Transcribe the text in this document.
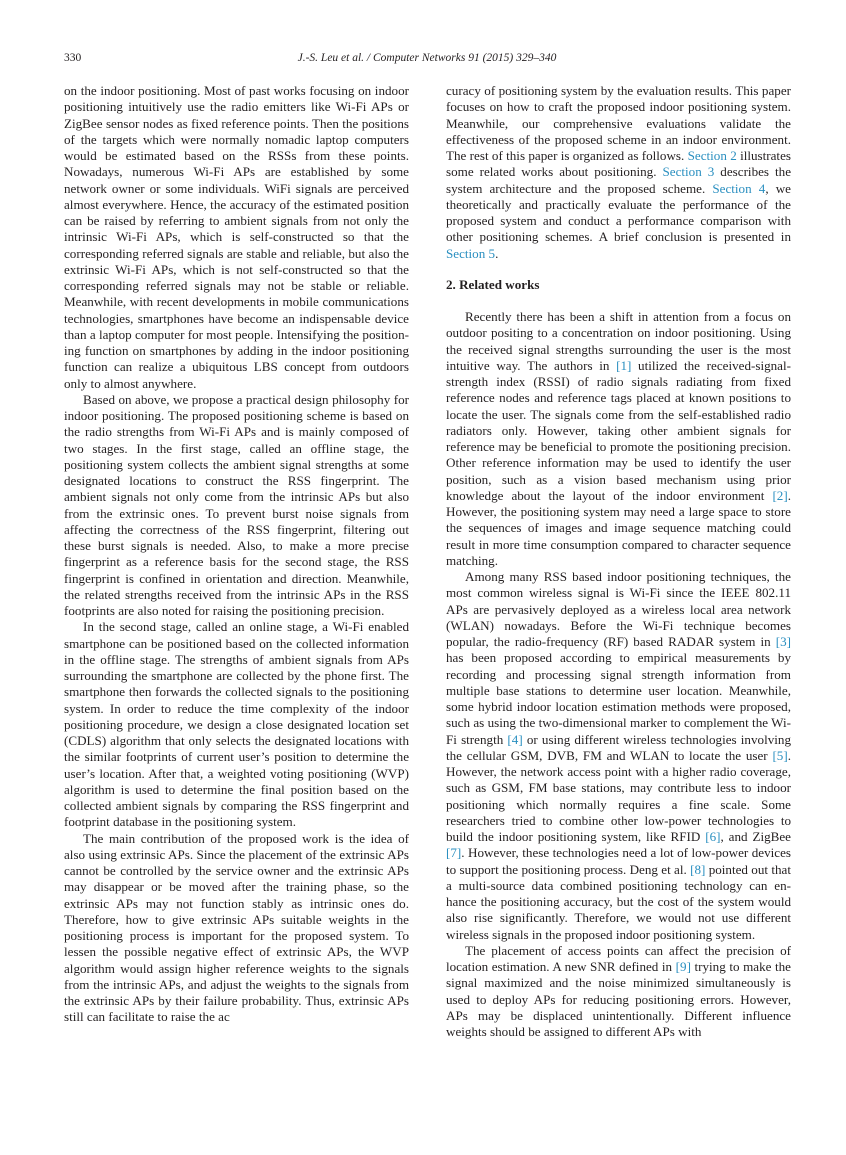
330	J.-S. Leu et al. / Computer Networks 91 (2015) 329–340

on the indoor positioning. Most of past works focusing on indoor positioning intuitively use the radio emitters like Wi-Fi APs or ZigBee sensor nodes as fixed reference points. Then the positions of the targets which were normally nomadic laptop computers would be estimated based on the RSSs from these points. Nowadays, numerous Wi-Fi APs are established by some network owner or some individuals. WiFi signals are perceived almost everywhere. Hence, the accuracy of the estimated position can be raised by referring to ambient signals from not only the intrinsic Wi-Fi APs, which is self-constructed so that the corresponding referred signals are stable and reliable, but also the extrinsic Wi-Fi APs, which is not self-constructed so that the corresponding referred signals may not be stable or reliable. Meanwhile, with recent developments in mobile communications technologies, smartphones have become an indispensable device than a laptop computer for most people. Intensifying the positioning function on smartphones by adding in the indoor positioning function can realize a ubiquitous LBS concept from outdoors only to almost anywhere.

Based on above, we propose a practical design philosophy for indoor positioning. The proposed positioning scheme is based on the radio strengths from Wi-Fi APs and is mainly composed of two stages. In the first stage, called an offline stage, the positioning system collects the ambient signal strengths at some designated locations to construct the RSS fingerprint. The ambient signals not only come from the intrinsic APs but also from the extrinsic ones. To prevent burst noise signals from affecting the correctness of the RSS fingerprint, filtering out these burst signals is needed. Also, to make a more precise fingerprint as a reference basis for the second stage, the RSS fingerprint is confined in orientation and direction. Meanwhile, the related strengths received from the intrinsic APs in the RSS footprints are also noted for raising the positioning precision.

In the second stage, called an online stage, a Wi-Fi enabled smartphone can be positioned based on the collected information in the offline stage. The strengths of ambient signals from APs surrounding the smartphone are collected by the phone first. The smartphone then forwards the collected signals to the positioning system. In order to reduce the time complexity of the indoor positioning procedure, we design a close designated location set (CDLS) algorithm that only selects the designated locations with the similar footprints of current user’s position to determine the user’s location. After that, a weighted voting positioning (WVP) algorithm is used to determine the final position based on the collected ambient signals by comparing the RSS fingerprint and footprint database in the positioning system.

The main contribution of the proposed work is the idea of also using extrinsic APs. Since the placement of the extrinsic APs cannot be controlled by the service owner and the extrinsic APs may disappear or be moved after the training phase, so the extrinsic APs may not function stably as intrinsic ones do. Therefore, how to give extrinsic APs suitable weights in the positioning process is important for the proposed system. To lessen the possible negative effect of extrinsic APs, the WVP algorithm would assign higher reference weights to the signals from the intrinsic APs, and adjust the weights to the signals from the extrinsic APs by their failure probability. Thus, extrinsic APs still can facilitate to raise the ac

curacy of positioning system by the evaluation results. This paper focuses on how to craft the proposed indoor positioning system. Meanwhile, our comprehensive evaluations validate the effectiveness of the proposed scheme in an indoor environment. The rest of this paper is organized as follows. Section 2 illustrates some related works about positioning. Section 3 describes the system architecture and the proposed scheme. Section 4, we theoretically and practically evaluate the performance of the proposed system and conduct a performance comparison with other positioning schemes. A brief conclusion is presented in Section 5.

2. Related works

Recently there has been a shift in attention from a focus on outdoor positing to a concentration on indoor positioning. Using the received signal strengths surrounding the user is the most intuitive way. The authors in [1] utilized the received-signal-strength index (RSSI) of radio signals radiating from fixed reference nodes and reference tags placed at known positions to locate the user. The signals come from the self-established radio radiators only. However, taking other ambient signals for reference may be beneficial to promote the positioning precision. Other reference information may be used to identify the user position, such as a vision based mechanism using prior knowledge about the layout of the indoor environment [2]. However, the positioning system may need a large space to store the sequences of images and image sequence matching could result in more time consumption compared to character sequence matching.

Among many RSS based indoor positioning techniques, the most common wireless signal is Wi-Fi since the IEEE 802.11 APs are pervasively deployed as a wireless local area network (WLAN) nowadays. Before the Wi-Fi technique becomes popular, the radio-frequency (RF) based RADAR system in [3] has been proposed according to empirical measurements by recording and processing signal strength information from multiple base stations to determine user location. Meanwhile, some hybrid indoor location estimation methods were proposed, such as using the two-dimensional marker to complement the Wi-Fi strength [4] or using different wireless technologies involving the cellular GSM, DVB, FM and WLAN to locate the user [5]. However, the network access point with a higher radio coverage, such as GSM, FM base stations, may contribute less to indoor positioning which normally requires a fine scale. Some researchers tried to combine other low-power technologies to build the indoor positioning system, like RFID [6], and ZigBee [7]. However, these technologies need a lot of low-power devices to support the positioning process. Deng et al. [8] pointed out that a multi-source data combined positioning technology can enhance the positioning accuracy, but the cost of the system would also rise significantly. Therefore, we would not use different wireless signals in the proposed indoor positioning system.

The placement of access points can affect the precision of location estimation. A new SNR defined in [9] trying to make the signal maximized and the noise minimized simultaneously is used to deploy APs for reducing positioning errors. However, APs may be displaced unintentionally. Different influence weights should be assigned to different APs with
